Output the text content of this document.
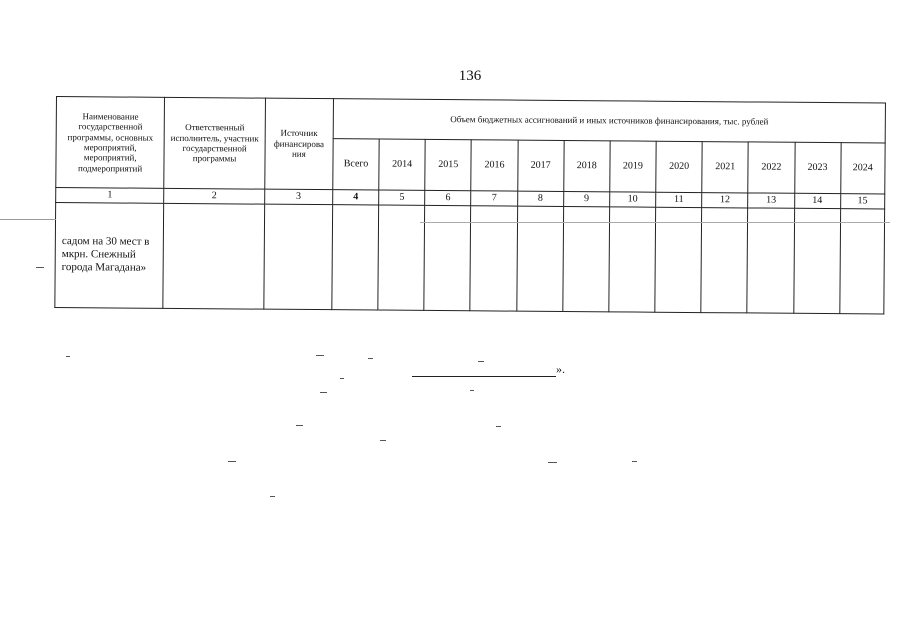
136
Наименование государственной программы, основных мероприятий, мероприятий, подмероприятий	Ответственный исполнитель, участник государственной программы	Источник финансирова ния	Объем бюджетных ассигнований и иных источников финансирования, тыс. рублей											
			Всего	2014	2015	2016	2017	2018	2019	2020	2021	2022	2023	2024
1	2	3	4	5	6	7	8	9	10	11	12	13	14	15
садом на 30 мест в мкрн. Снежный города Магадана»														
».
